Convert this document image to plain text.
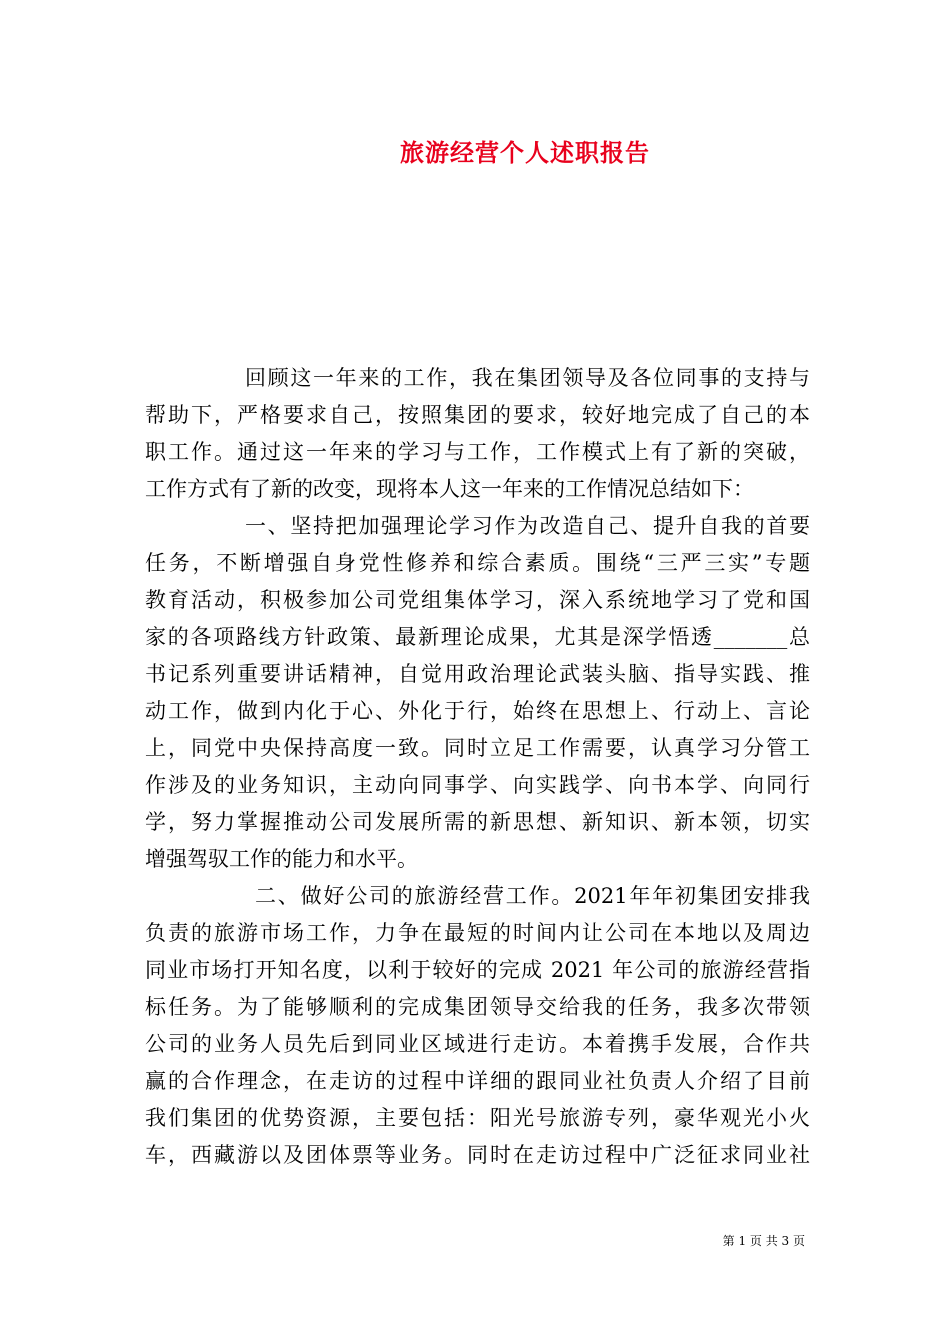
旅游经营个人述职报告
回顾这一年来的工作，我在集团领导及各位同事的支持与
帮助下，严格要求自己，按照集团的要求，较好地完成了自己的本
职工作。通过这一年来的学习与工作，工作模式上有了新的突破，
工作方式有了新的改变，现将本人这一年来的工作情况总结如下：
一、坚持把加强理论学习作为改造自己、提升自我的首要
任务，不断增强自身党性修养和综合素质。围绕“三严三实”专题
教育活动，积极参加公司党组集体学习，深入系统地学习了党和国
家的各项路线方针政策、最新理论成果，尤其是深学悟透_______总
书记系列重要讲话精神，自觉用政治理论武装头脑、指导实践、推
动工作，做到内化于心、外化于行，始终在思想上、行动上、言论
上，同党中央保持高度一致。同时立足工作需要，认真学习分管工
作涉及的业务知识，主动向同事学、向实践学、向书本学、向同行
学，努力掌握推动公司发展所需的新思想、新知识、新本领，切实
增强驾驭工作的能力和水平。
二、做好公司的旅游经营工作。2021年年初集团安排我
负责的旅游市场工作，力争在最短的时间内让公司在本地以及周边
同业市场打开知名度，以利于较好的完成 2021 年公司的旅游经营指
标任务。为了能够顺利的完成集团领导交给我的任务，我多次带领
公司的业务人员先后到同业区域进行走访。本着携手发展，合作共
赢的合作理念，在走访的过程中详细的跟同业社负责人介绍了目前
我们集团的优势资源，主要包括：阳光号旅游专列，豪华观光小火
车，西藏游以及团体票等业务。同时在走访过程中广泛征求同业社
第 1 页 共 3 页
